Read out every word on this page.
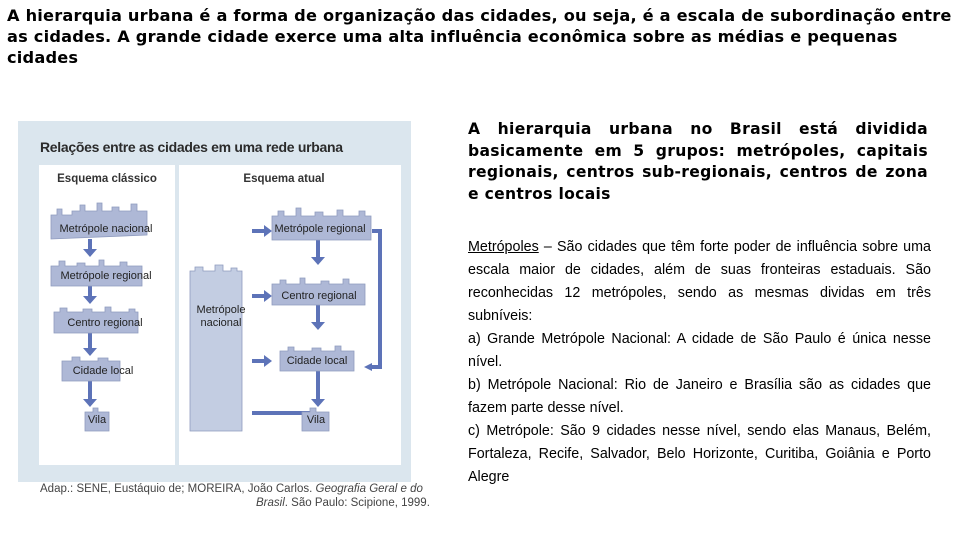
A hierarquia urbana é a forma de organização das cidades, ou seja, é a escala de subordinação entre as cidades. A grande cidade exerce uma alta influência econômica sobre as médias e pequenas cidades
Relações entre as cidades em uma rede urbana
Esquema clássico	Esquema atual
Metrópole nacional
Metrópole regional
Centro regional
Cidade local
Vila
Metrópole
nacional
Metrópole regional
Centro regional
Cidade local
Vila
Adap.: SENE, Eustáquio de; MOREIRA, João Carlos. Geografia Geral e do
Brasil. São Paulo: Scipione, 1999.
A hierarquia urbana no Brasil está dividida basicamente em 5 grupos: metrópoles, capitais regionais, centros sub-regionais, centros de zona e centros locais

Metrópoles – São cidades que têm forte poder de influência sobre uma escala maior de cidades, além de suas fronteiras estaduais. São reconhecidas 12 metrópoles, sendo as mesmas dividas em três subníveis:

a) Grande Metrópole Nacional: A cidade de São Paulo é única nesse nível.

b) Metrópole Nacional: Rio de Janeiro e Brasília são as cidades que fazem parte desse nível.

c) Metrópole: São 9 cidades nesse nível, sendo elas Manaus, Belém, Fortaleza, Recife, Salvador, Belo Horizonte, Curitiba, Goiânia e Porto Alegre
